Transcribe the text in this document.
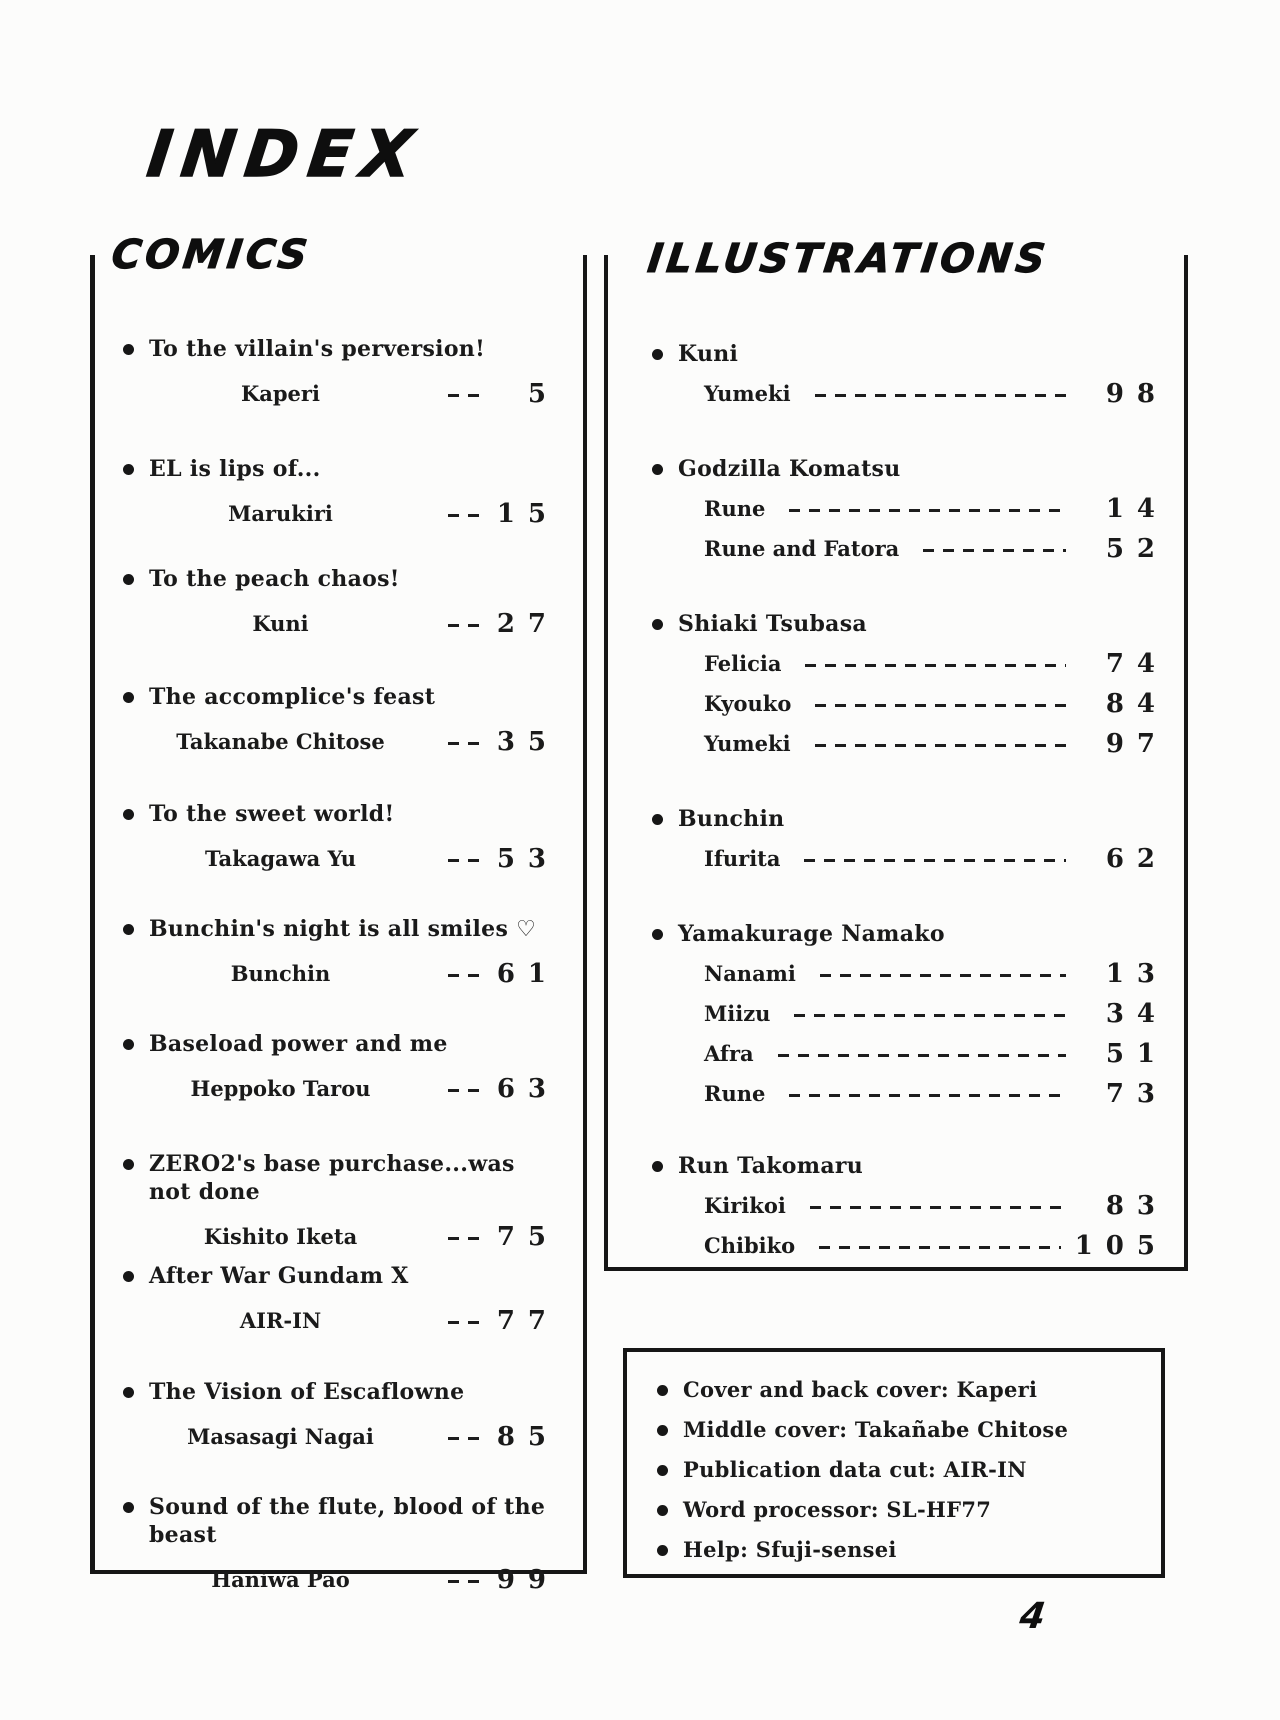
INDEX
COMICS	ILLUSTRATIONS
To the villain's perversion!
Kaperi	5
EL is lips of...
Marukiri	15
To the peach chaos!
Kuni	27
The accomplice's feast
Takanabe Chitose	35
To the sweet world!
Takagawa Yu	53
Bunchin's night is all smiles ♡
Bunchin	61
Baseload power and me
Heppoko Tarou	63
ZERO2's base purchase...was not done
Kishito Iketa	75
After War Gundam X
AIR-IN	77
The Vision of Escaflowne
Masasagi Nagai	85
Sound of the flute, blood of the beast
Haniwa Pao	99
Kuni
Yumeki	98
Godzilla Komatsu
Rune	14
Rune and Fatora	52
Shiaki Tsubasa
Felicia	74
Kyouko	84
Yumeki	97
Bunchin
Ifurita	62
Yamakurage Namako
Nanami	13
Miizu	34
Afra	51
Rune	73
Run Takomaru
Kirikoi	83
Chibiko	105
Cover and back cover: Kaperi
Middle cover: Takañabe Chitose
Publication data cut: AIR-IN
Word processor: SL-HF77
Help: Sfuji-sensei
4
